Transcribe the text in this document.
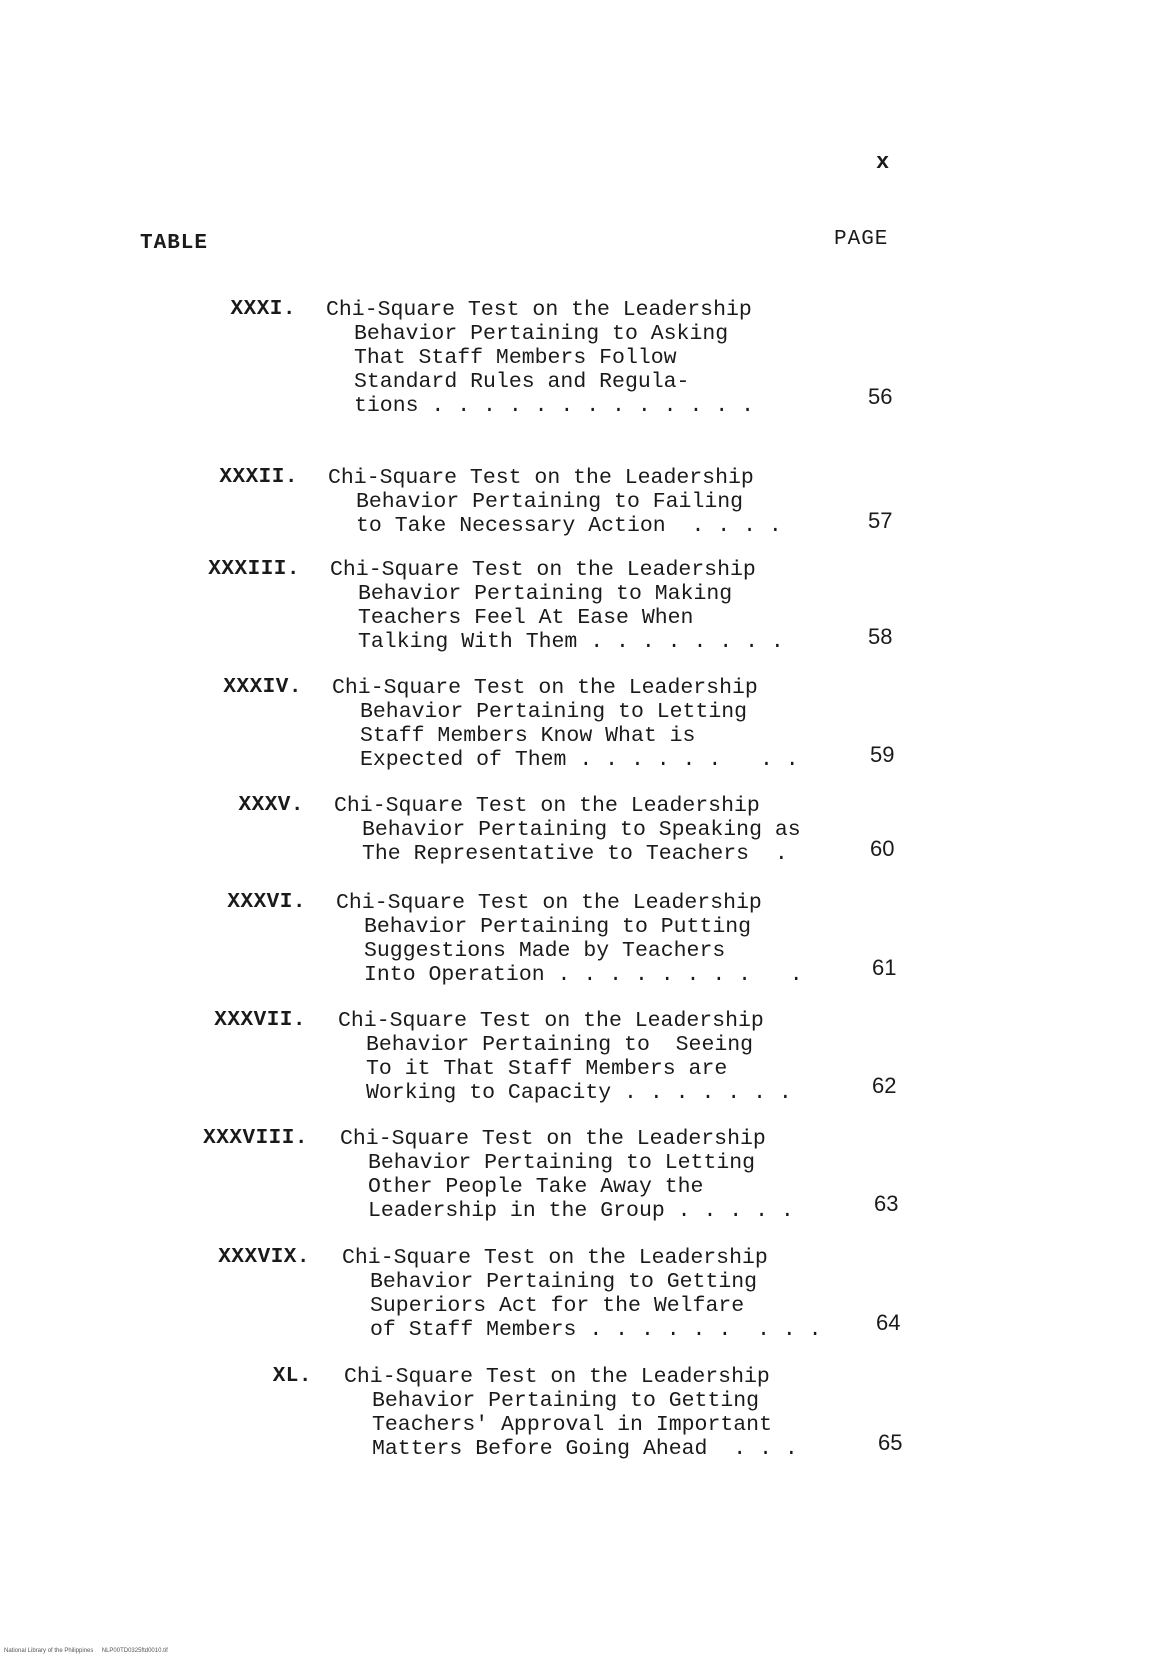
x
TABLE	PAGE
XXXI. Chi-Square Test on the Leadership
Behavior Pertaining to Asking
That Staff Members Follow
Standard Rules and Regula-
tions . . . . . . . . . . . . .	56
XXXII. Chi-Square Test on the Leadership
Behavior Pertaining to Failing
to Take Necessary Action  . . . .	57
XXXIII. Chi-Square Test on the Leadership
Behavior Pertaining to Making
Teachers Feel At Ease When
Talking With Them . . . . . . . .	58
XXXIV. Chi-Square Test on the Leadership
Behavior Pertaining to Letting
Staff Members Know What is
Expected of Them . . . . . .   . .	59
XXXV. Chi-Square Test on the Leadership
Behavior Pertaining to Speaking as
The Representative to Teachers  .	60
XXXVI. Chi-Square Test on the Leadership
Behavior Pertaining to Putting
Suggestions Made by Teachers
Into Operation . . . . . . . .   .	61
XXXVII. Chi-Square Test on the Leadership
Behavior Pertaining to  Seeing
To it That Staff Members are
Working to Capacity . . . . . . .	62
XXXVIII. Chi-Square Test on the Leadership
Behavior Pertaining to Letting
Other People Take Away the
Leadership in the Group . . . . .	63
XXXVIX. Chi-Square Test on the Leadership
Behavior Pertaining to Getting
Superiors Act for the Welfare
of Staff Members . . . . . .  . . . 64
XL. Chi-Square Test on the Leadership
Behavior Pertaining to Getting
Teachers' Approval in Important
Matters Before Going Ahead  . . .	65
National Library of the Philippines NLP00TD0325ftd0010.tif
